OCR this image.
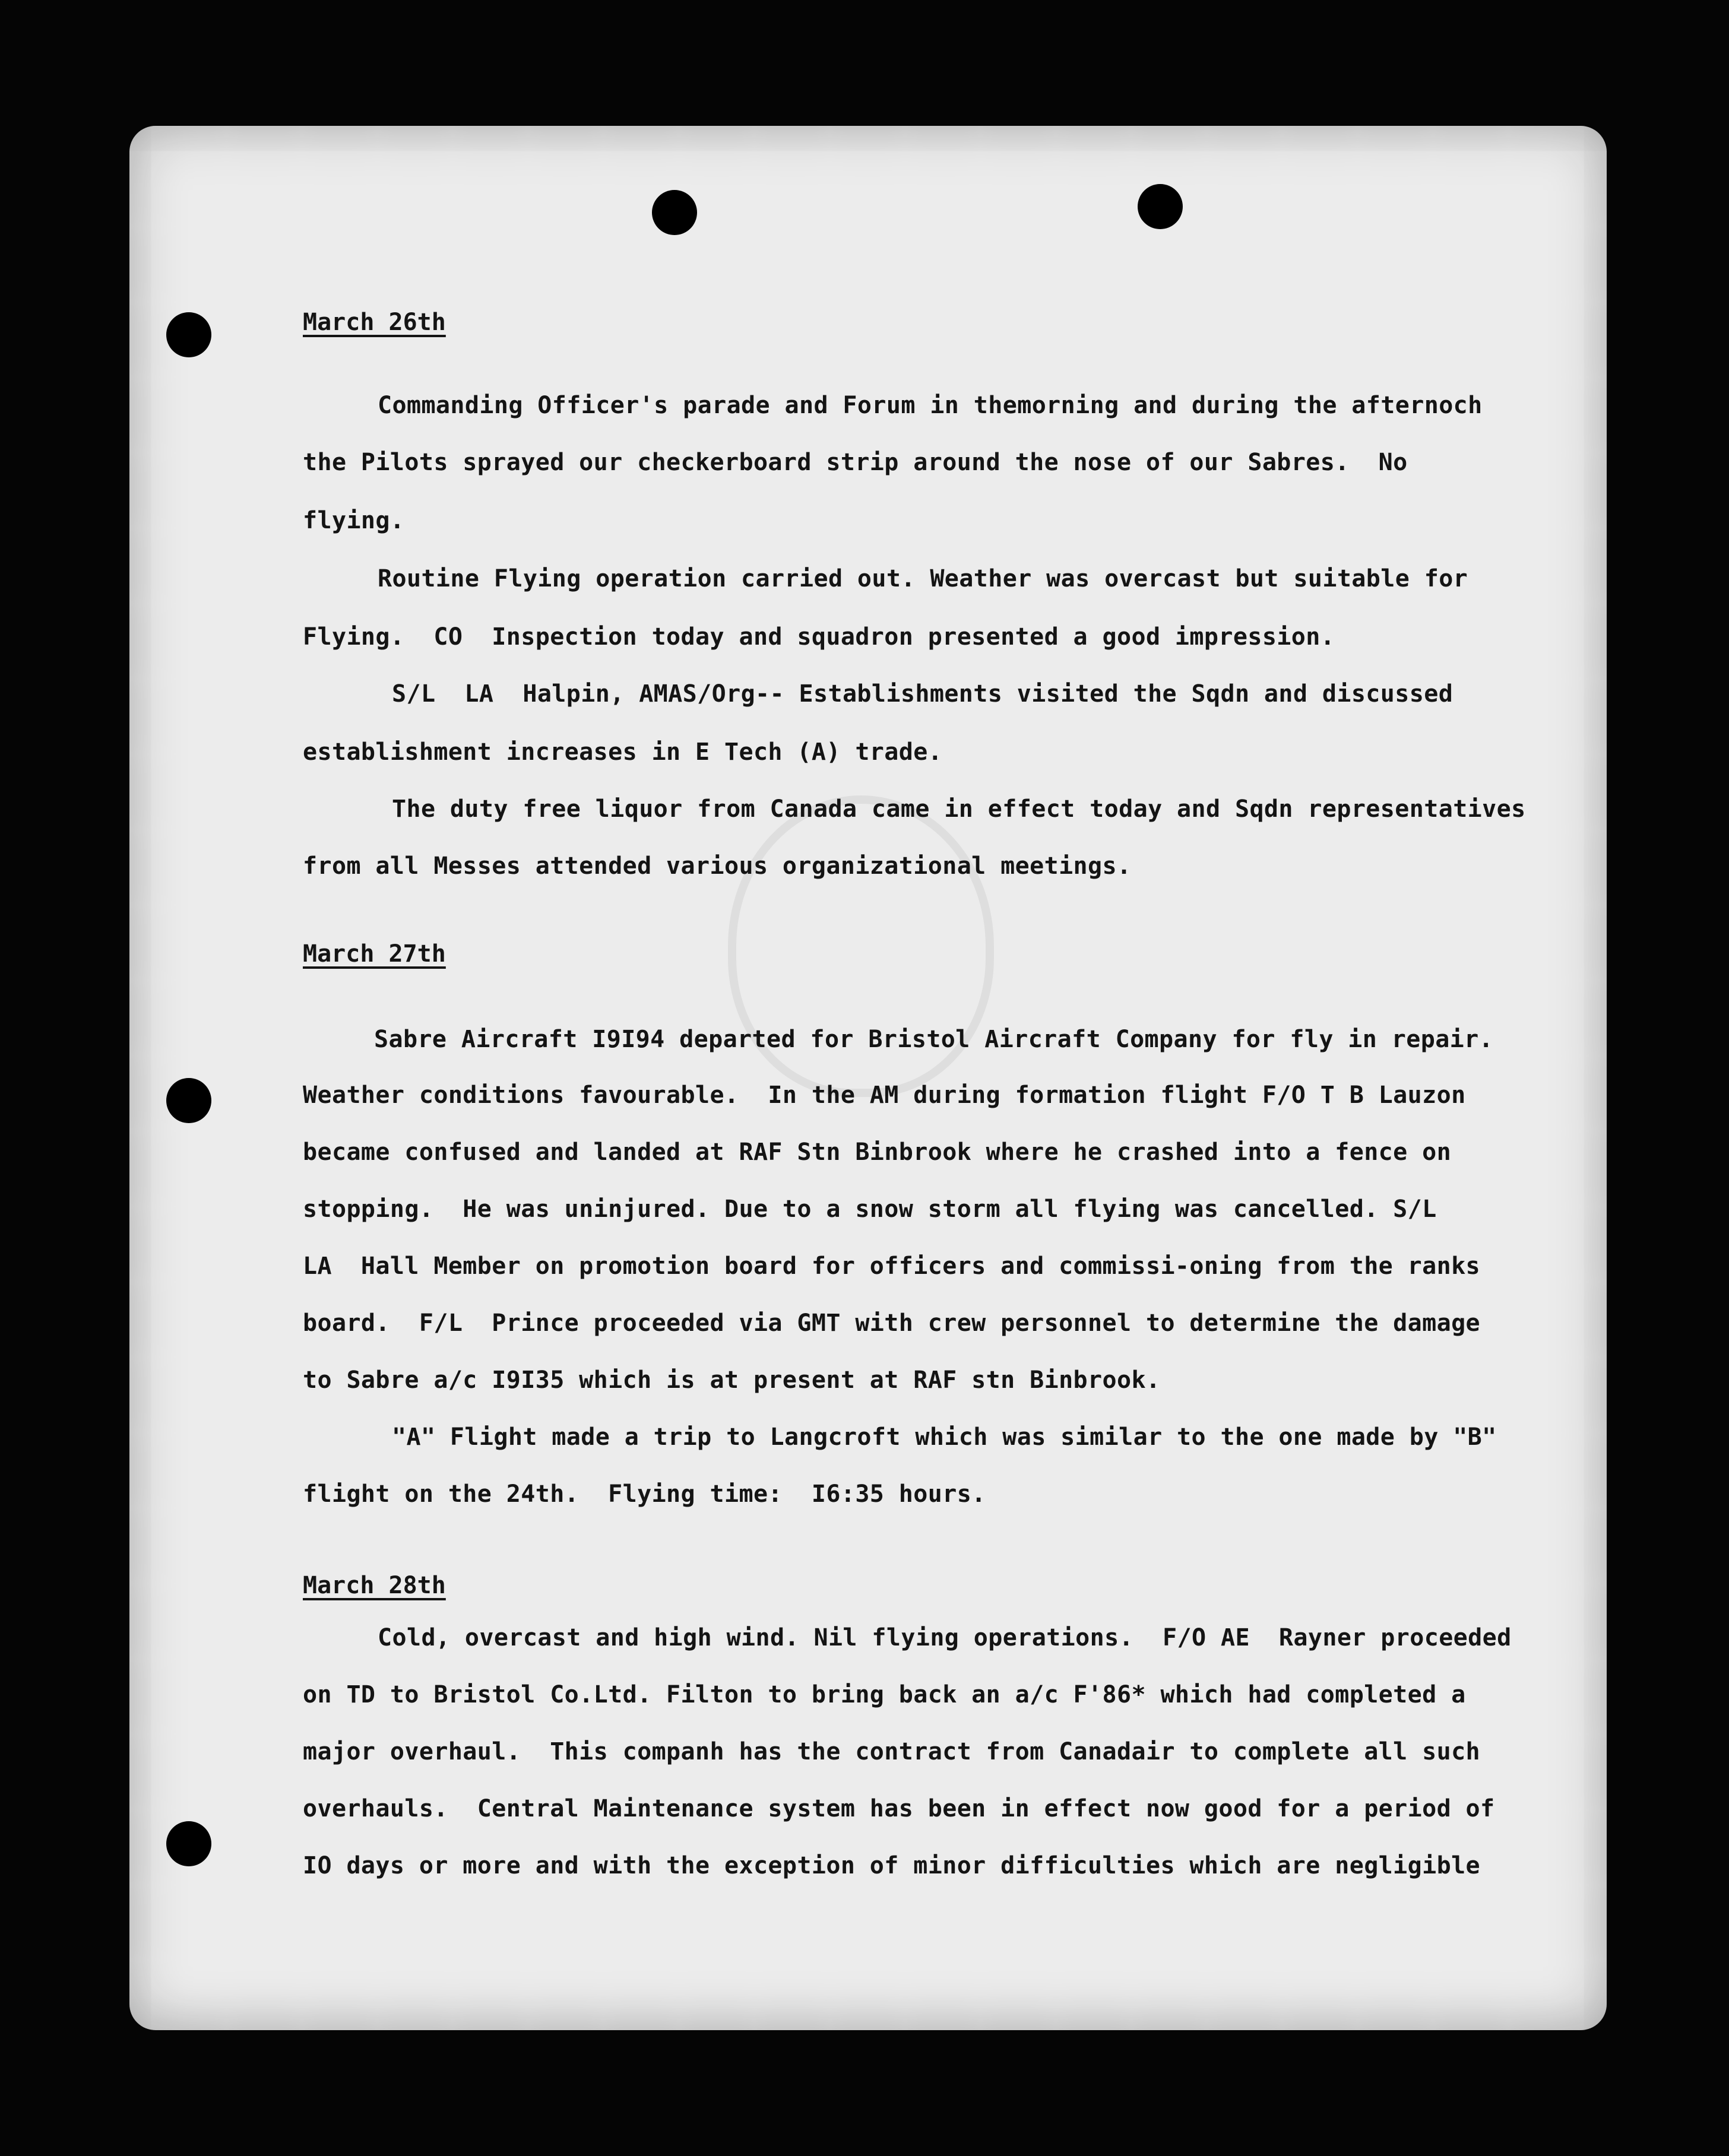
March 26th
Commanding Officer's parade and Forum in themorning and during the afternoch
the Pilots sprayed our checkerboard strip around the nose of our Sabres.  No
flying.
Routine Flying operation carried out. Weather was overcast but suitable for
Flying.  CO  Inspection today and squadron presented a good impression.
S/L  LA  Halpin, AMAS/Org-- Establishments visited the Sqdn and discussed
establishment increases in E Tech (A) trade.
The duty free liquor from Canada came in effect today and Sqdn representatives
from all Messes attended various organizational meetings.
March 27th
Sabre Aircraft I9I94 departed for Bristol Aircraft Company for fly in repair.
Weather conditions favourable.  In the AM during formation flight F/O T B Lauzon
became confused and landed at RAF Stn Binbrook where he crashed into a fence on
stopping.  He was uninjured. Due to a snow storm all flying was cancelled. S/L
LA  Hall Member on promotion board for officers and commissi-oning from the ranks
board.  F/L  Prince proceeded via GMT with crew personnel to determine the damage
to Sabre a/c I9I35 which is at present at RAF stn Binbrook.
"A" Flight made a trip to Langcroft which was similar to the one made by "B"
flight on the 24th.  Flying time:  I6:35 hours.
March 28th
Cold, overcast and high wind. Nil flying operations.  F/O AE  Rayner proceeded
on TD to Bristol Co.Ltd. Filton to bring back an a/c F'86* which had completed a
major overhaul.  This companh has the contract from Canadair to complete all such
overhauls.  Central Maintenance system has been in effect now good for a period of
IO days or more and with the exception of minor difficulties which are negligible
